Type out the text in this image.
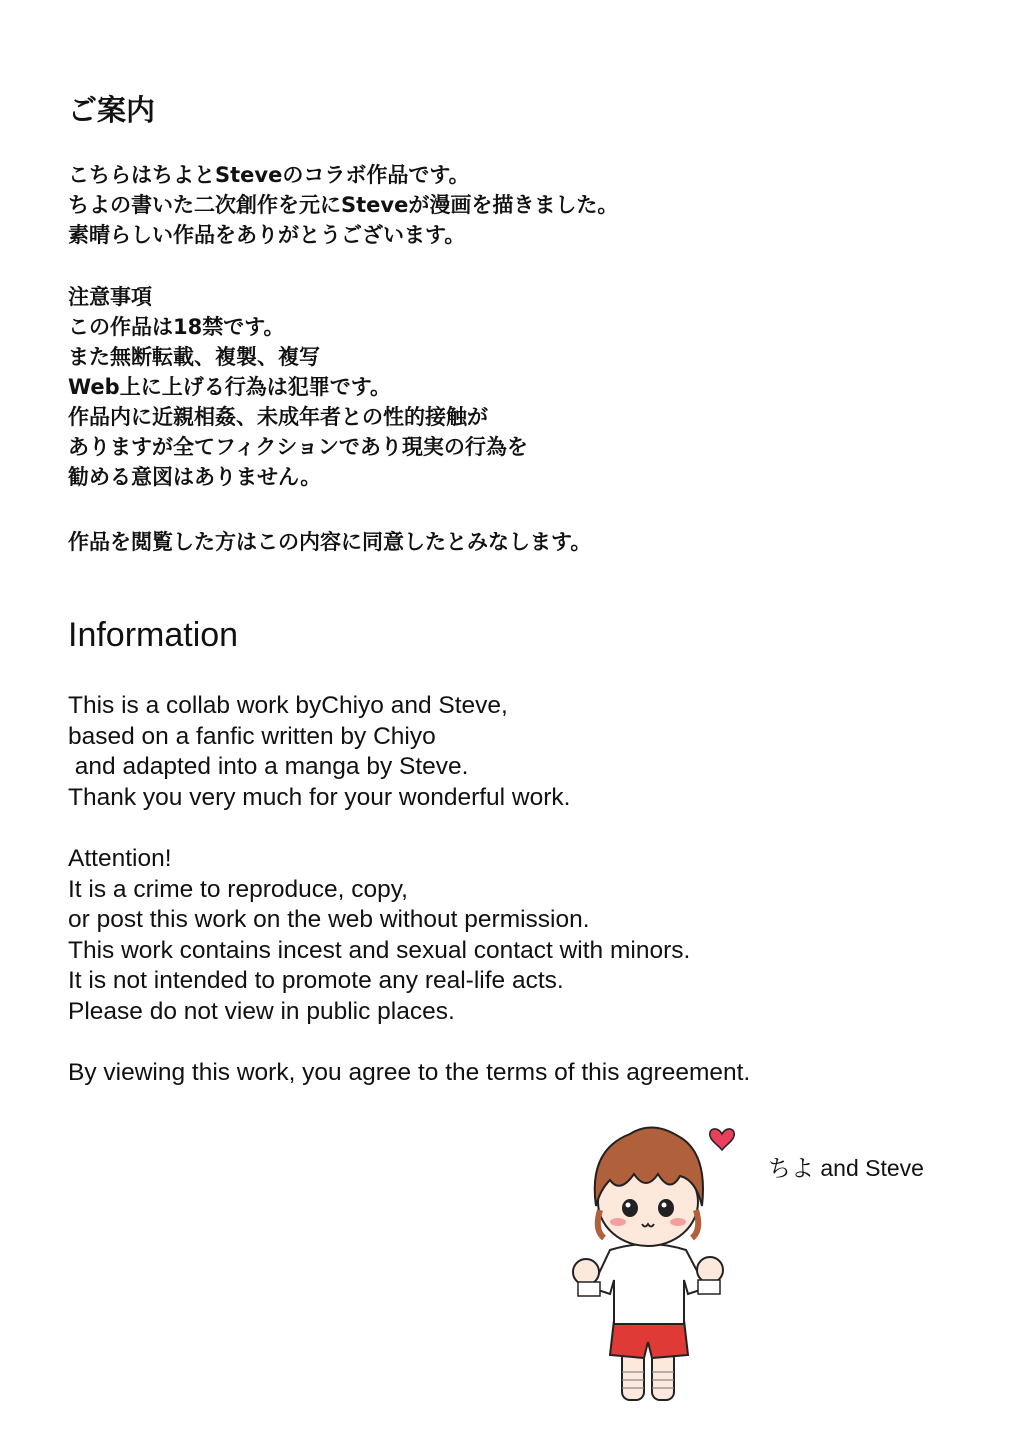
ご案内
こちらはちよとSteveのコラボ作品です。
ちよの書いた二次創作を元にSteveが漫画を描きました。
素晴らしい作品をありがとうございます。
注意事項
この作品は18禁です。
また無断転載、複製、複写
Web上に上げる行為は犯罪です。
作品内に近親相姦、未成年者との性的接触が
ありますが全てフィクションであり現実の行為を
勧める意図はありません。
作品を閲覧した方はこの内容に同意したとみなします。
Information
This is a collab work byChiyo and Steve,
based on a fanfic written by Chiyo
and adapted into a manga by Steve.
Thank you very much for your wonderful work.
Attention!
It is a crime to reproduce, copy,
or post this work on the web without permission.
This work contains incest and sexual contact with minors.
It is not intended to promote any real-life acts.
Please do not view in public places.
By viewing this work, you agree to the terms of this agreement.
ちよ and Steve
